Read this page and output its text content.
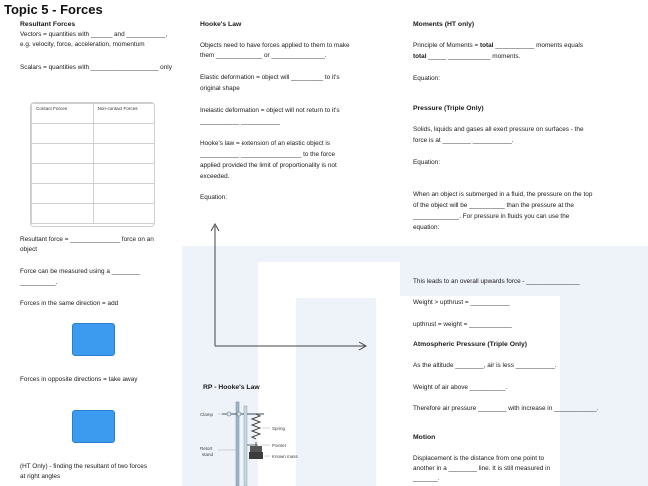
Topic 5 - Forces
Resultant Forces
Vectors = quantities with ______ and ___________,
e.g. velocity, force, acceleration, momentum
Scalars = quantities with ___________________ only
Contact Forces	Non-contact Forces

Resultant force = ______________ force on an
object
Force can be measured using a ________
__________.
Forces in the same direction = add
Forces in opposite directions = take away
(HT Only) - finding the resultant of two forces
at right angles
Hooke's Law
Objects need to have forces applied to them to make
them _____________ or _______________.
Elastic deformation = object will _________ to it's
original shape
Inelastic deformation = object will not return to it's
___________ ___________
Hooke's law = extension of an elastic object is
___________ _________________ to the force
applied provided the limit of proportionality is not
exceeded.
Equation:
RP - Hooke's Law
Clamp
Spring
Pointer
Retort
stand	Known mass
Moments (HT only)
Principle of Moments = total ___________ moments equals
total _____ ____________ moments.
Equation:
Pressure (Triple Only)
Solids, liquids and gases all exert pressure on surfaces - the
force is at ________ ___________.
Equation:
When an object is submerged in a fluid, the pressure on the top
of the object will be __________ than the pressure at the
_____________. For pressure in fluids you can use the
equation:
This leads to an overall upwards force - _______________
Weight > upthrust = ___________
upthrust = weight = ____________
Atmospheric Pressure (Triple Only)
As the altitude ________, air is less ___________.
Weight of air above __________.
Therefore air pressure ________ with increase in ____________.
Motion
Displacement is the distance from one point to
another in a ________ line. It is still measured in
_______.
